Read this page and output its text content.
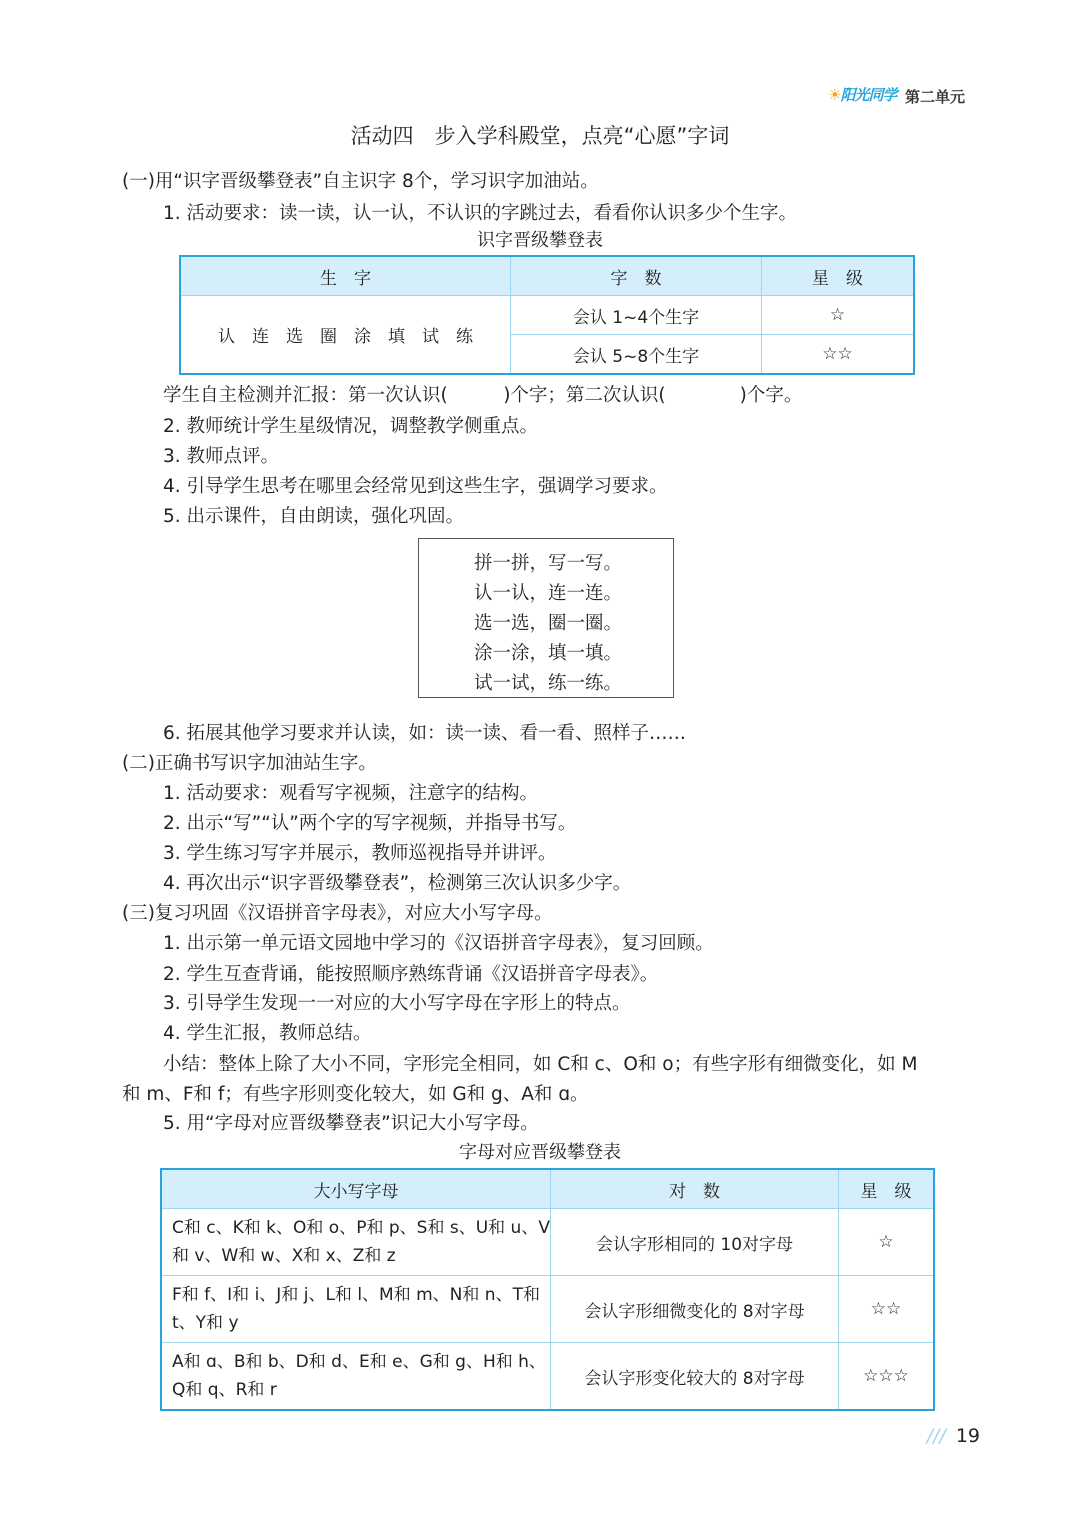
☀阳光同学 第二单元
活动四　步入学科殿堂，点亮“心愿”字词
(一)用“识字晋级攀登表”自主识字 8个，学习识字加油站。
1. 活动要求：读一读，认一认，不认识的字跳过去，看看你认识多少个生字。
识字晋级攀登表
生　字	字　数	星　级
认　连　选　圈　涂　填　试　练	会认 1~4个生字	☆
	会认 5~8个生字	☆☆
学生自主检测并汇报：第一次认识(　　　)个字；第二次认识(　　　　)个字。
2. 教师统计学生星级情况，调整教学侧重点。
3. 教师点评。
4. 引导学生思考在哪里会经常见到这些生字，强调学习要求。
5. 出示课件，自由朗读，强化巩固。
拼一拼，写一写。
认一认，连一连。
选一选，圈一圈。
涂一涂，填一填。
试一试，练一练。
6. 拓展其他学习要求并认读，如：读一读、看一看、照样子……
(二)正确书写识字加油站生字。
1. 活动要求：观看写字视频，注意字的结构。
2. 出示“写”“认”两个字的写字视频，并指导书写。
3. 学生练习写字并展示，教师巡视指导并讲评。
4. 再次出示“识字晋级攀登表”，检测第三次认识多少字。
(三)复习巩固《汉语拼音字母表》，对应大小写字母。
1. 出示第一单元语文园地中学习的《汉语拼音字母表》，复习回顾。
2. 学生互查背诵，能按照顺序熟练背诵《汉语拼音字母表》。
3. 引导学生发现一一对应的大小写字母在字形上的特点。
4. 学生汇报，教师总结。
小结：整体上除了大小不同，字形完全相同，如 C和 c、O和 o；有些字形有细微变化，如 M
和 m、F和 f；有些字形则变化较大，如 G和 g、A和 ɑ。
5. 用“字母对应晋级攀登表”识记大小写字母。
字母对应晋级攀登表
大小写字母	对　数	星　级
C和 c、K和 k、O和 o、P和 p、S和 s、U和 u、V和 v、W和 w、X和 x、Z和 z	会认字形相同的 10对字母	☆
F和 f、I和 i、J和 j、L和 l、M和 m、N和 n、T和 t、Y和 y	会认字形细微变化的 8对字母	☆☆
A和 ɑ、B和 b、D和 d、E和 e、G和 g、H和 h、Q和 q、R和 r	会认字形变化较大的 8对字母	☆☆☆
/// 19
